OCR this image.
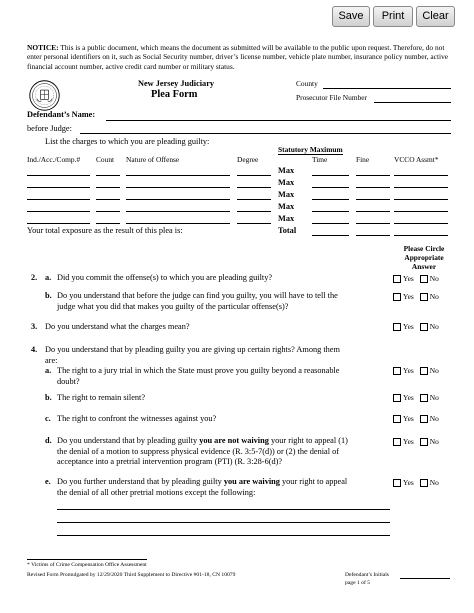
Save	Print	Clear
NOTICE: This is a public document, which means the document as submitted will be available to the public upon request. Therefore, do not enter personal identifiers on it, such as Social Security number, driver’s license number, vehicle plate number, insurance policy number, active financial account number, active credit card number or military status.
New Jersey Judiciary
Plea Form
County
Prosecutor File Number
Defendant’s Name:
before Judge:
List the charges to which you are pleading guilty:
Statutory Maximum
Ind./Acc./Comp.# Count Nature of Offense	Degree	Time	Fine	VCCO Assmt*
Max
Max
Max
Max
Max
Your total exposure as the result of this plea is:	Total
Please Circle
Appropriate
Answer
2. a. Did you commit the offense(s) to which you are pleading guilty?	Yes No
b. Do you understand that before the judge can find you guilty, you will have to tell the
judge what you did that makes you guilty of the particular offense(s)?
Yes No
3. Do you understand what the charges mean?	Yes No
4. Do you understand that by pleading guilty you are giving up certain rights? Among them
are:
a. The right to a jury trial in which the State must prove you guilty beyond a reasonable
doubt?
Yes No
b. The right to remain silent?	Yes No
c. The right to confront the witnesses against you?	Yes No
d. Do you understand that by pleading guilty you are not waiving your right to appeal (1)
the denial of a motion to suppress physical evidence (R. 3:5-7(d)) or (2) the denial of
acceptance into a pretrial intervention program (PTI) (R. 3:28-6(d)?
Yes No
e. Do you further understand that by pleading guilty you are waiving your right to appeal
the denial of all other pretrial motions except the following:
Yes No
* Victims of Crime Compensation Office Assessment
Revised Form Promulgated by 12/29/2020 Third Supplement to Directive #01-18, CN 10079	Defendant’s Initials
page 1 of 5
